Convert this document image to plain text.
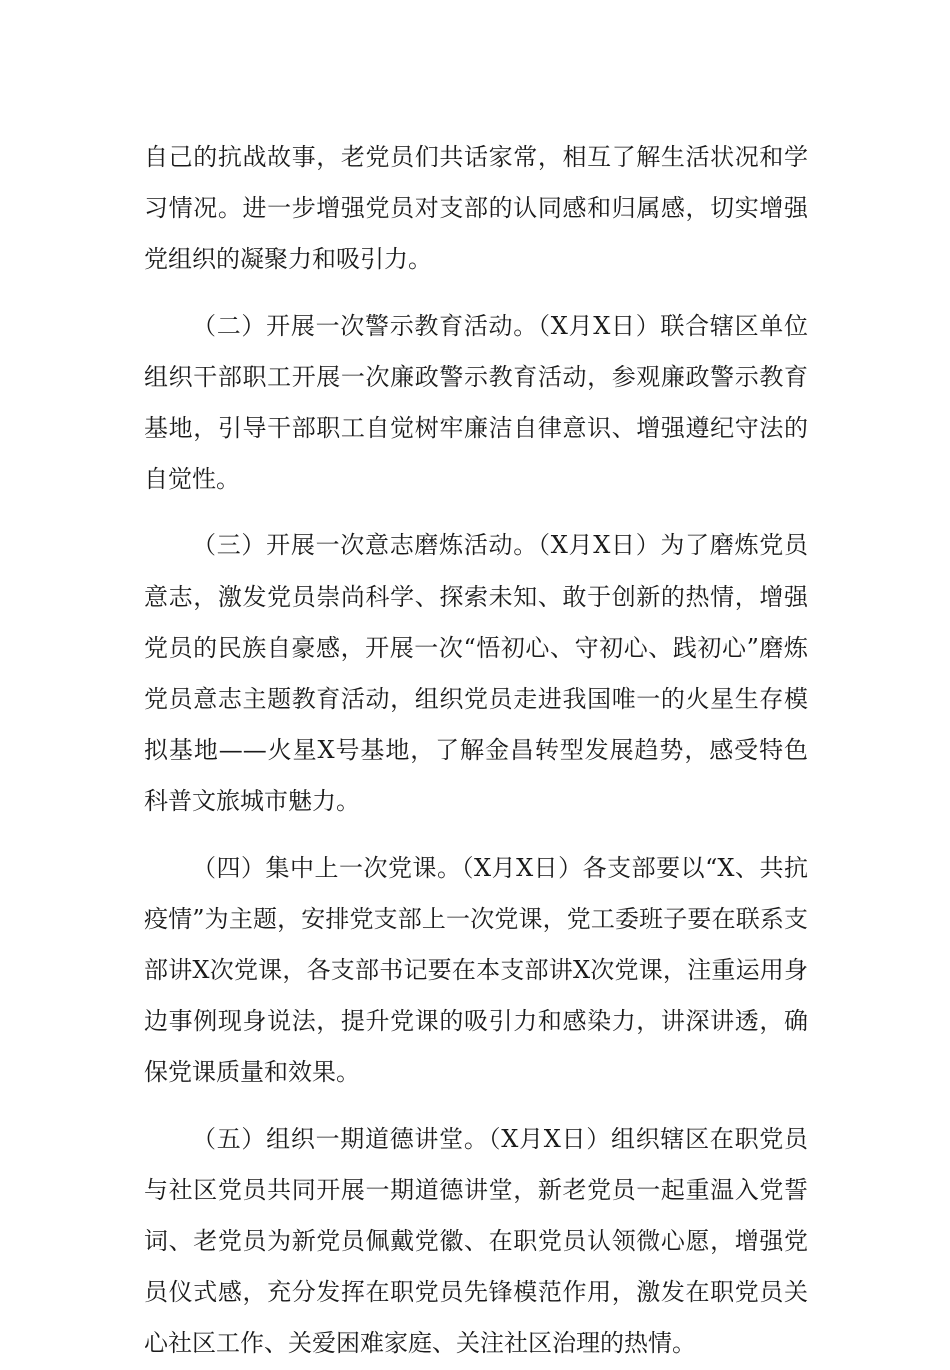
自己的抗战故事，老党员们共话家常，相互了解生活状况和学习情况。进一步增强党员对支部的认同感和归属感，切实增强党组织的凝聚力和吸引力。

（二）开展一次警示教育活动。（X月X日）联合辖区单位组织干部职工开展一次廉政警示教育活动，参观廉政警示教育基地，引导干部职工自觉树牢廉洁自律意识、增强遵纪守法的自觉性。

（三）开展一次意志磨炼活动。（X月X日）为了磨炼党员意志，激发党员崇尚科学、探索未知、敢于创新的热情，增强党员的民族自豪感，开展一次“悟初心、守初心、践初心”磨炼党员意志主题教育活动，组织党员走进我国唯一的火星生存模拟基地——火星X号基地，了解金昌转型发展趋势，感受特色科普文旅城市魅力。

（四）集中上一次党课。（X月X日）各支部要以“X、共抗疫情”为主题，安排党支部上一次党课，党工委班子要在联系支部讲X次党课，各支部书记要在本支部讲X次党课，注重运用身边事例现身说法，提升党课的吸引力和感染力，讲深讲透，确保党课质量和效果。

（五）组织一期道德讲堂。（X月X日）组织辖区在职党员与社区党员共同开展一期道德讲堂，新老党员一起重温入党誓词、老党员为新党员佩戴党徽、在职党员认领微心愿，增强党员仪式感，充分发挥在职党员先锋模范作用，激发在职党员关心社区工作、关爱困难家庭、关注社区治理的热情。
